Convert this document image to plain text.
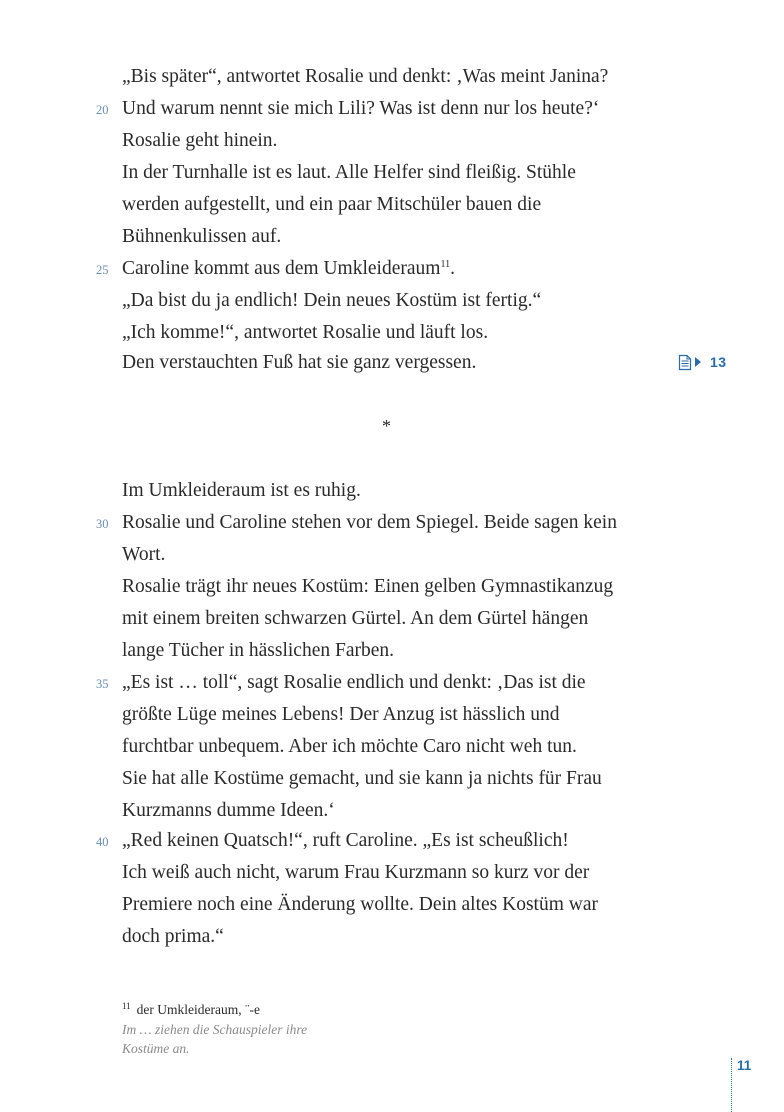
„Bis später“, antwortet Rosalie und denkt: ‚Was meint Janina?
Und warum nennt sie mich Lili? Was ist denn nur los heute?‘
Rosalie geht hinein.
In der Turnhalle ist es laut. Alle Helfer sind fleißig. Stühle
werden aufgestellt, und ein paar Mitschüler bauen die
Bühnenkulissen auf.
Caroline kommt aus dem Umkleideraum$^{11}$.
„Da bist du ja endlich! Dein neues Kostüm ist fertig.“
„Ich komme!“, antwortet Rosalie und läuft los.
Den verstauchten Fuß hat sie ganz vergessen.
*
Im Umkleideraum ist es ruhig.
Rosalie und Caroline stehen vor dem Spiegel. Beide sagen kein
Wort.
Rosalie trägt ihr neues Kostüm: Einen gelben Gymnastikanzug
mit einem breiten schwarzen Gürtel. An dem Gürtel hängen
lange Tücher in hässlichen Farben.
„Es ist … toll“, sagt Rosalie endlich und denkt: ‚Das ist die
größte Lüge meines Lebens! Der Anzug ist hässlich und
furchtbar unbequem. Aber ich möchte Caro nicht weh tun.
Sie hat alle Kostüme gemacht, und sie kann ja nichts für Frau
Kurzmanns dumme Ideen.‘
„Red keinen Quatsch!“, ruft Caroline. „Es ist scheußlich!
Ich weiß auch nicht, warum Frau Kurzmann so kurz vor der
Premiere noch eine Änderung wollte. Dein altes Kostüm war
doch prima.“
20
25
30
35
40
13
$^{11}$ der Umkleideraum, ¨-e
Im … ziehen die Schauspieler ihre
Kostüme an.
11
